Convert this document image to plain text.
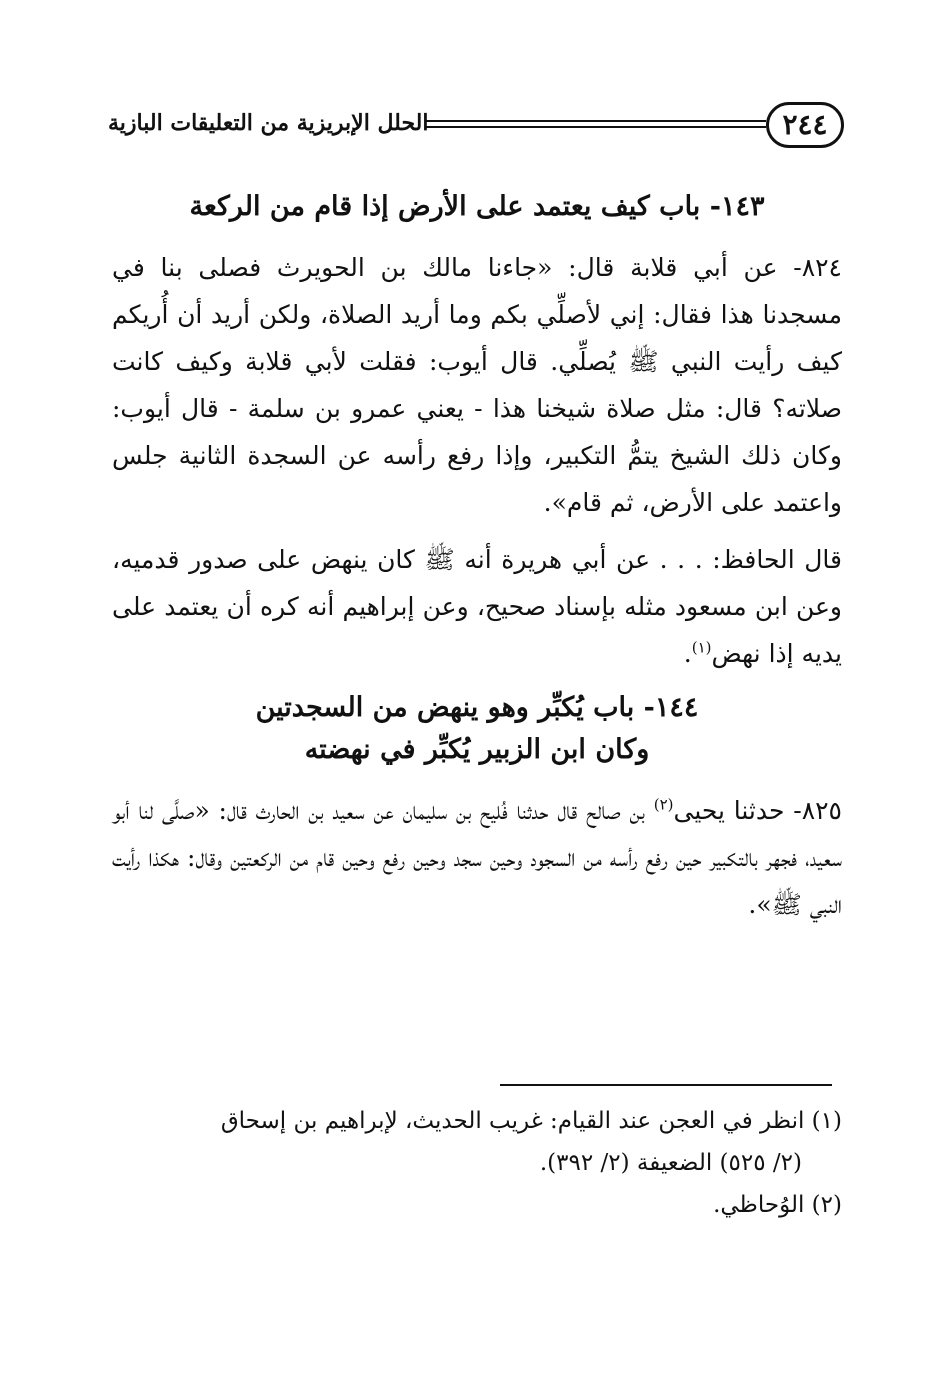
٢٤٤
الحلل الإبريزية من التعليقات البازية
١٤٣- باب كيف يعتمد على الأرض إذا قام من الركعة

٨٢٤- عن أبي قلابة قال: «جاءنا مالك بن الحويرث فصلى بنا في مسجدنا هذا فقال: إني لأصلِّي بكم وما أريد الصلاة، ولكن أريد أن أُريكم كيف رأيت النبي ﷺ يُصلِّي. قال أيوب: فقلت لأبي قلابة وكيف كانت صلاته؟ قال: مثل صلاة شيخنا هذا - يعني عمرو بن سلمة - قال أيوب: وكان ذلك الشيخ يتمُّ التكبير، وإذا رفع رأسه عن السجدة الثانية جلس واعتمد على الأرض، ثم قام».

قال الحافظ: . . . عن أبي هريرة أنه ﷺ كان ينهض على صدور قدميه، وعن ابن مسعود مثله بإسناد صحيح، وعن إبراهيم أنه كره أن يعتمد على يديه إذا نهض$^{(١)}$.

١٤٤- باب يُكبِّر وهو ينهض من السجدتين
وكان ابن الزبير يُكبِّر في نهضته

٨٢٥- حدثنا يحيى$^{(٢)}$ بن صالح قال حدثنا فُليح بن سليمان عن سعيد بن الحارث قال: «صلَّى لنا أبو سعيد، فجهر بالتكبير حين رفع رأسه من السجود وحين سجد وحين رفع وحين قام من الركعتين وقال: هكذا رأيت النبي ﷺ».

(١) انظر في العجن عند القيام: غريب الحديث، لإبراهيم بن إسحاق

(٢/ ٥٢٥) الضعيفة (٢/ ٣٩٢).

(٢) الوُحاظي.
